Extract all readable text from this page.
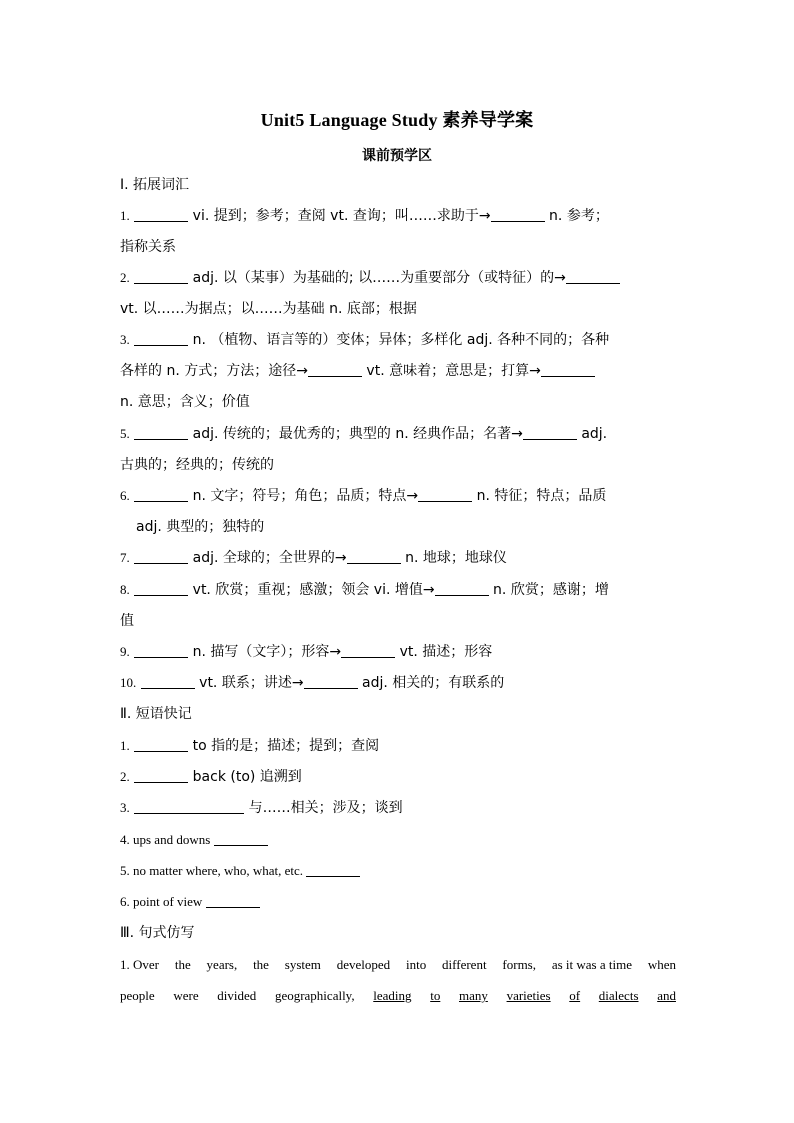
Unit5 Language Study 素养导学案
课前预学区
I. 拓展词汇
1.	vi. 提到；参考；查阅 vt. 查询；叫……求助于→	n. 参考；
指称关系
2.	adj. 以（某事）为基础的; 以……为重要部分（或特征）的→
vt. 以……为据点；以……为基础 n. 底部；根据
3.	n. （植物、语言等的）变体；异体；多样化 adj. 各种不同的；各种
各样的 n. 方式；方法；途径→	vt. 意味着；意思是；打算→
n. 意思；含义；价值
5.	adj. 传统的；最优秀的；典型的 n. 经典作品；名著→	adj.
古典的；经典的；传统的
6.	n. 文字；符号；角色；品质；特点→	n. 特征；特点；品质
adj. 典型的；独特的
7.	adj. 全球的；全世界的→	n. 地球；地球仪
8.	vt. 欣赏；重视；感激；领会 vi. 增值→	n. 欣赏；感谢；增
值
9.	n. 描写（文字）；形容→	vt. 描述；形容
10.	vt. 联系；讲述→	adj. 相关的；有联系的
Ⅱ. 短语快记
1.	to 指的是；描述；提到；查阅
2.	back (to) 追溯到
3.	与……相关；涉及；谈到
4. ups and downs
5. no matter where, who, what, etc.
6. point of view
Ⅲ. 句式仿写
1. Over the years, the system developed into different forms, as it was a time when
people were divided geographically, leading to many varieties of dialects and
